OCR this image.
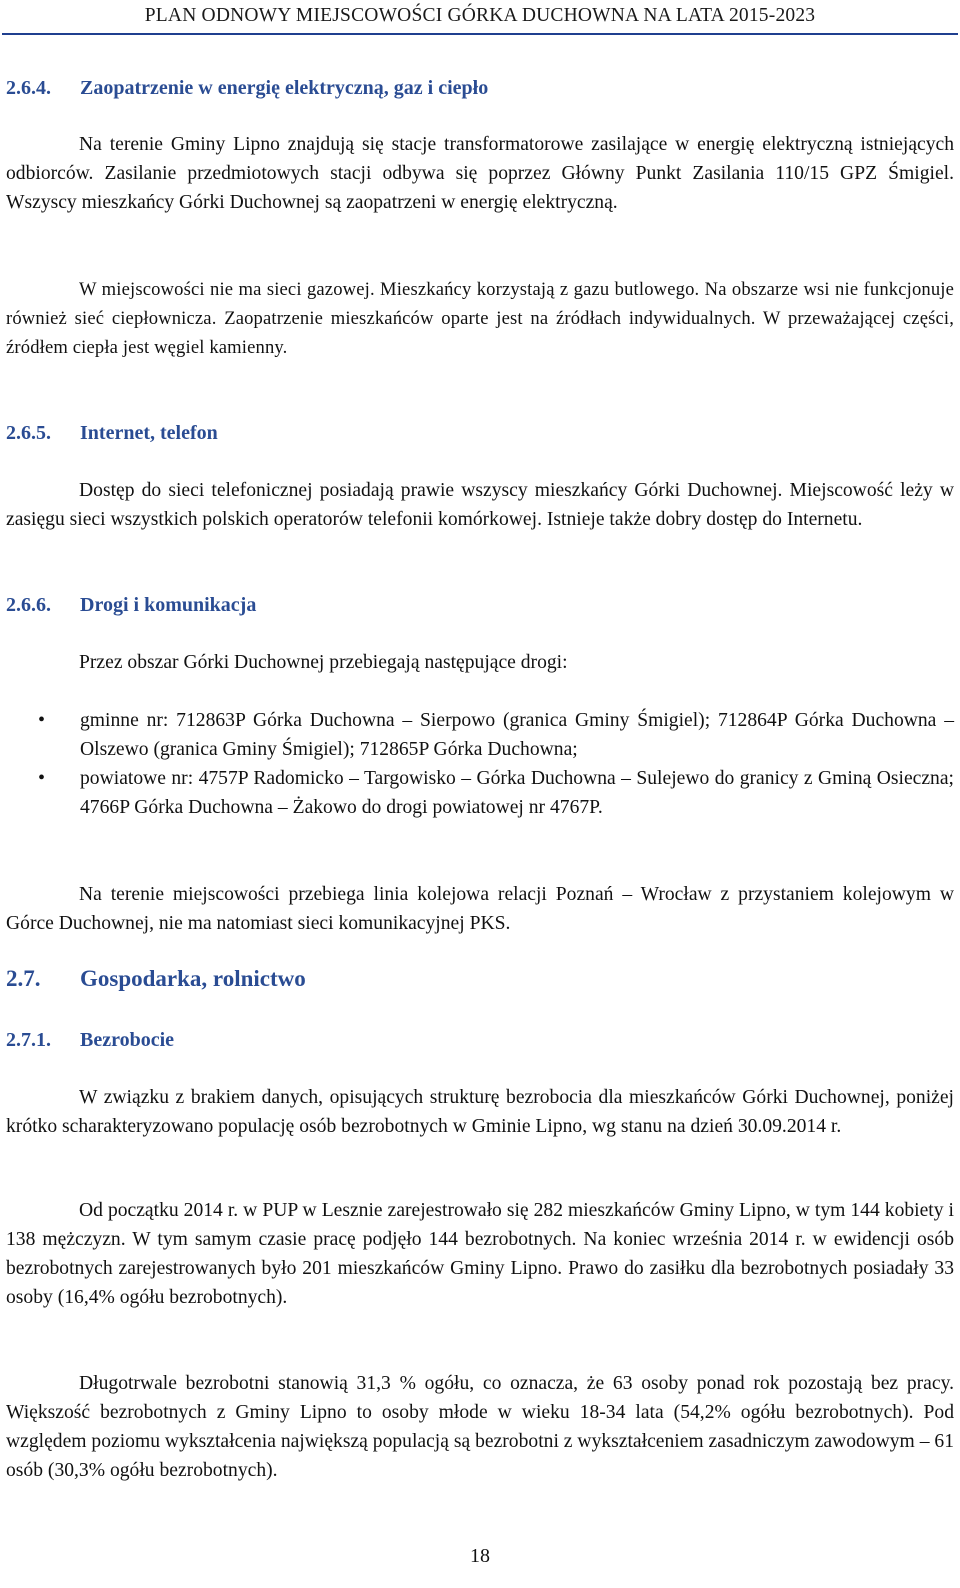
PLAN ODNOWY MIEJSCOWOŚCI GÓRKA DUCHOWNA NA LATA 2015-2023
2.6.4. Zaopatrzenie w energię elektryczną, gaz i ciepło
Na terenie Gminy Lipno znajdują się stacje transformatorowe zasilające w energię elektryczną istniejących odbiorców. Zasilanie przedmiotowych stacji odbywa się poprzez Główny Punkt Zasilania 110/15 GPZ Śmigiel. Wszyscy mieszkańcy Górki Duchownej są zaopatrzeni w energię elektryczną.
W miejscowości nie ma sieci gazowej. Mieszkańcy korzystają z gazu butlowego. Na obszarze wsi nie funkcjonuje również sieć ciepłownicza. Zaopatrzenie mieszkańców oparte jest na źródłach indywidualnych. W przeważającej części, źródłem ciepła jest węgiel kamienny.
2.6.5. Internet, telefon
Dostęp do sieci telefonicznej posiadają prawie wszyscy mieszkańcy Górki Duchownej. Miejscowość leży w zasięgu sieci wszystkich polskich operatorów telefonii komórkowej. Istnieje także dobry dostęp do Internetu.
2.6.6. Drogi i komunikacja
Przez obszar Górki Duchownej przebiegają następujące drogi:
• gminne nr: 712863P Górka Duchowna – Sierpowo (granica Gminy Śmigiel); 712864P Górka Duchowna – Olszewo (granica Gminy Śmigiel); 712865P Górka Duchowna;
• powiatowe nr: 4757P Radomicko – Targowisko – Górka Duchowna – Sulejewo do granicy z Gminą Osieczna; 4766P Górka Duchowna – Żakowo do drogi powiatowej nr 4767P.
Na terenie miejscowości przebiega linia kolejowa relacji Poznań – Wrocław z przystaniem kolejowym w Górce Duchownej, nie ma natomiast sieci komunikacyjnej PKS.
2.7. Gospodarka, rolnictwo
2.7.1. Bezrobocie
W związku z brakiem danych, opisujących strukturę bezrobocia dla mieszkańców Górki Duchownej, poniżej krótko scharakteryzowano populację osób bezrobotnych w Gminie Lipno, wg stanu na dzień 30.09.2014 r.
Od początku 2014 r. w PUP w Lesznie zarejestrowało się 282 mieszkańców Gminy Lipno, w tym 144 kobiety i 138 mężczyzn. W tym samym czasie pracę podjęło 144 bezrobotnych. Na koniec września 2014 r. w ewidencji osób bezrobotnych zarejestrowanych było 201 mieszkańców Gminy Lipno. Prawo do zasiłku dla bezrobotnych posiadały 33 osoby (16,4% ogółu bezrobotnych).
Długotrwale bezrobotni stanowią 31,3 % ogółu, co oznacza, że 63 osoby ponad rok pozostają bez pracy. Większość bezrobotnych z Gminy Lipno to osoby młode w wieku 18-34 lata (54,2% ogółu bezrobotnych). Pod względem poziomu wykształcenia największą populacją są bezrobotni z wykształceniem zasadniczym zawodowym – 61 osób (30,3% ogółu bezrobotnych).
18
